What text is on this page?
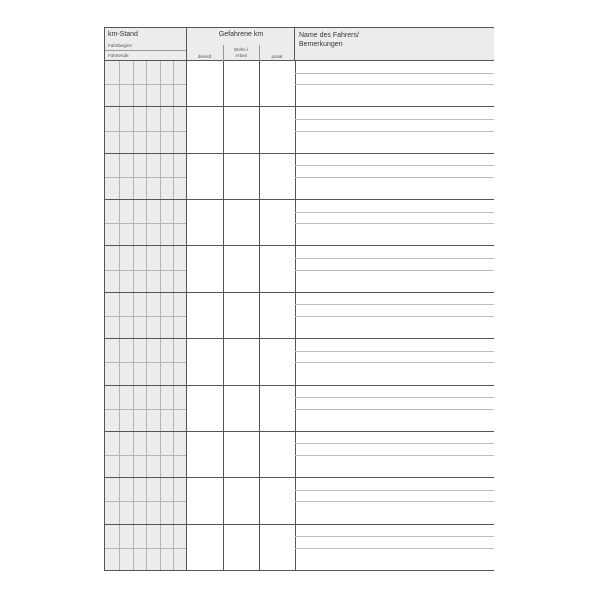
km-Stand
Fahrtbeginn
Fahrtende
Gefahrene km
dienstl.
Wohn./
Arbeit	privat
Name des Fahrers/
Bemerkungen
